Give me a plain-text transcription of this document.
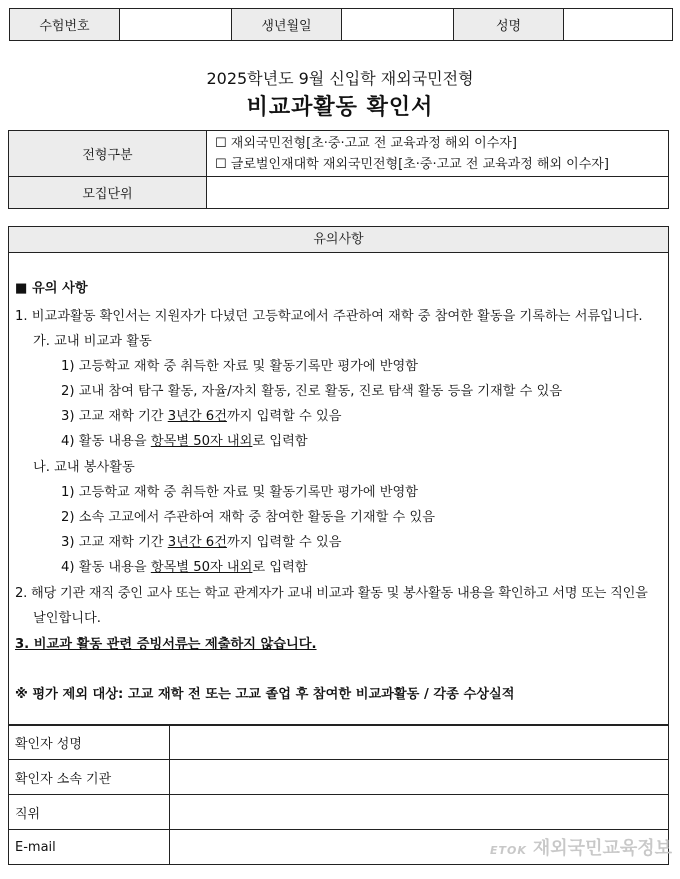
수험번호		생년월일		성명	
2025학년도 9월 신입학 재외국민전형
비교과활동 확인서
전형구분	☐ 재외국민전형[초·중·고교 전 교육과정 해외 이수자]
☐ 글로벌인재대학 재외국민전형[초·중·고교 전 교육과정 해외 이수자]

모집단위	
유의사항
■ 유의 사항
1. 비교과활동 확인서는 지원자가 다녔던 고등학교에서 주관하여 재학 중 참여한 활동을 기록하는 서류입니다.
가. 교내 비교과 활동
1) 고등학교 재학 중 취득한 자료 및 활동기록만 평가에 반영함
2) 교내 참여 탐구 활동, 자율/자치 활동, 진로 활동, 진로 탐색 활동 등을 기재할 수 있음
3) 고교 재학 기간 3년간 6건까지 입력할 수 있음
4) 활동 내용을 항목별 50자 내외로 입력함
나. 교내 봉사활동
1) 고등학교 재학 중 취득한 자료 및 활동기록만 평가에 반영함
2) 소속 고교에서 주관하여 재학 중 참여한 활동을 기재할 수 있음
3) 고교 재학 기간 3년간 6건까지 입력할 수 있음
4) 활동 내용을 항목별 50자 내외로 입력함
2. 해당 기관 재직 중인 교사 또는 학교 관계자가 교내 비교과 활동 및 봉사활동 내용을 확인하고 서명 또는 직인을
날인합니다.
3. 비교과 활동 관련 증빙서류는 제출하지 않습니다.
※ 평가 제외 대상: 고교 재학 전 또는 고교 졸업 후 참여한 비교과활동 / 각종 수상실적
확인자 성명	
확인자 소속 기관	
직위	
E-mail		ETOK 재외국민교육정보
